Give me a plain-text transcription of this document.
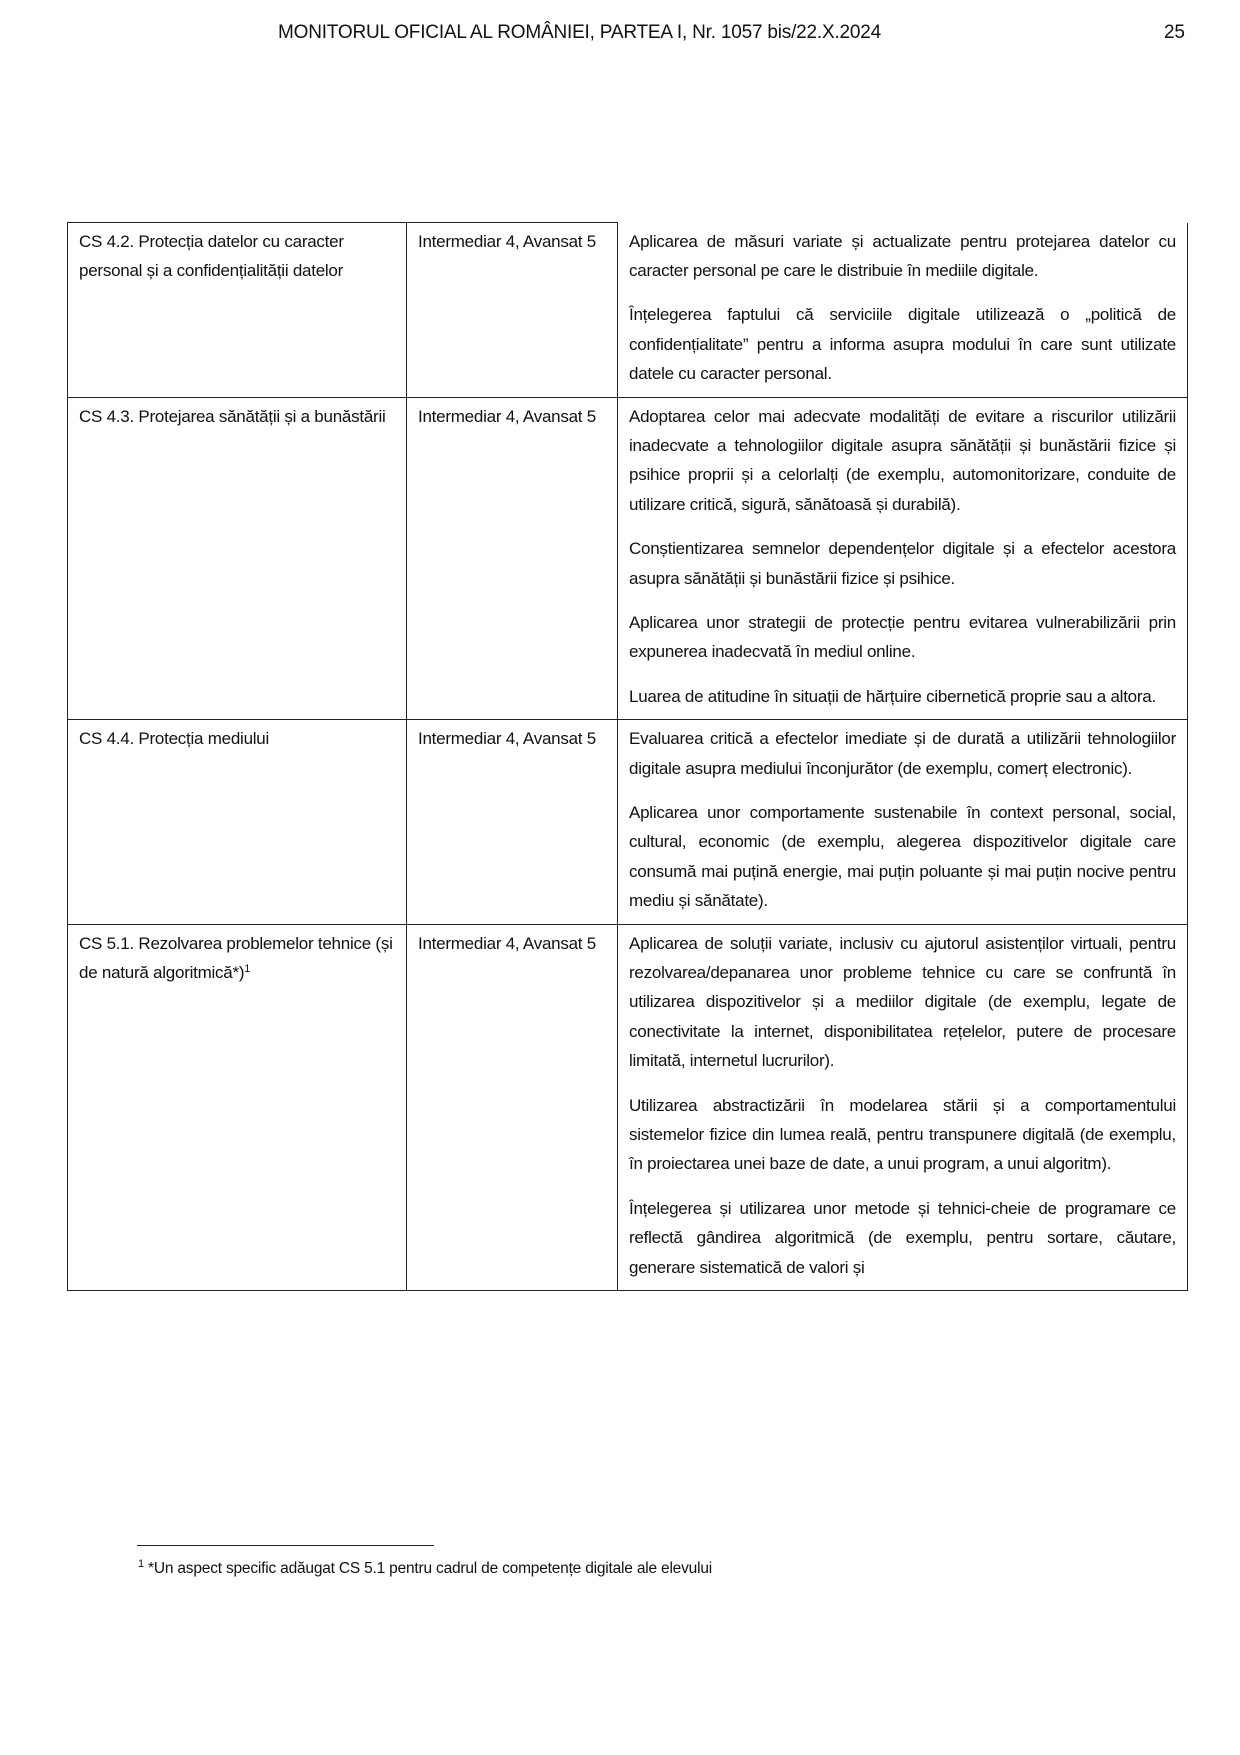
MONITORUL OFICIAL AL ROMÂNIEI, PARTEA I, Nr. 1057 bis/22.X.2024	25
CS 4.2. Protecția datelor cu caracter personal și a confidențialității datelor	Intermediar 4, Avansat 5	Aplicarea de măsuri variate și actualizate pentru protejarea datelor cu caracter personal pe care le distribuie în mediile digitale.

Înțelegerea faptului că serviciile digitale utilizează o „politică de confidențialitate” pentru a informa asupra modului în care sunt utilizate datele cu caracter personal.

CS 4.3. Protejarea sănătății și a bunăstării	Intermediar 4, Avansat 5	Adoptarea celor mai adecvate modalități de evitare a riscurilor utilizării inadecvate a tehnologiilor digitale asupra sănătății și bunăstării fizice și psihice proprii și a celorlalți (de exemplu, automonitorizare, conduite de utilizare critică, sigură, sănătoasă și durabilă).

Conștientizarea semnelor dependențelor digitale și a efectelor acestora asupra sănătății și bunăstării fizice și psihice.

Aplicarea unor strategii de protecție pentru evitarea vulnerabilizării prin expunerea inadecvată în mediul online.

Luarea de atitudine în situații de hărțuire cibernetică proprie sau a altora.

CS 4.4. Protecția mediului	Intermediar 4, Avansat 5	Evaluarea critică a efectelor imediate și de durată a utilizării tehnologiilor digitale asupra mediului înconjurător (de exemplu, comerț electronic).

Aplicarea unor comportamente sustenabile în context personal, social, cultural, economic (de exemplu, alegerea dispozitivelor digitale care consumă mai puțină energie, mai puțin poluante și mai puțin nocive pentru mediu și sănătate).

CS 5.1. Rezolvarea problemelor tehnice (și de natură algoritmică*)$^1$	Intermediar 4, Avansat 5	Aplicarea de soluții variate, inclusiv cu ajutorul asistenților virtuali, pentru rezolvarea/depanarea unor probleme tehnice cu care se confruntă în utilizarea dispozitivelor și a mediilor digitale (de exemplu, legate de conectivitate la internet, disponibilitatea rețelelor, putere de procesare limitată, internetul lucrurilor).

Utilizarea abstractizării în modelarea stării și a comportamentului sistemelor fizice din lumea reală, pentru transpunere digitală (de exemplu, în proiectarea unei baze de date, a unui program, a unui algoritm).

Înțelegerea și utilizarea unor metode și tehnici-cheie de programare ce reflectă gândirea algoritmică (de exemplu, pentru sortare, căutare, generare sistematică de valori și

$^1$ *Un aspect specific adăugat CS 5.1 pentru cadrul de competențe digitale ale elevului
